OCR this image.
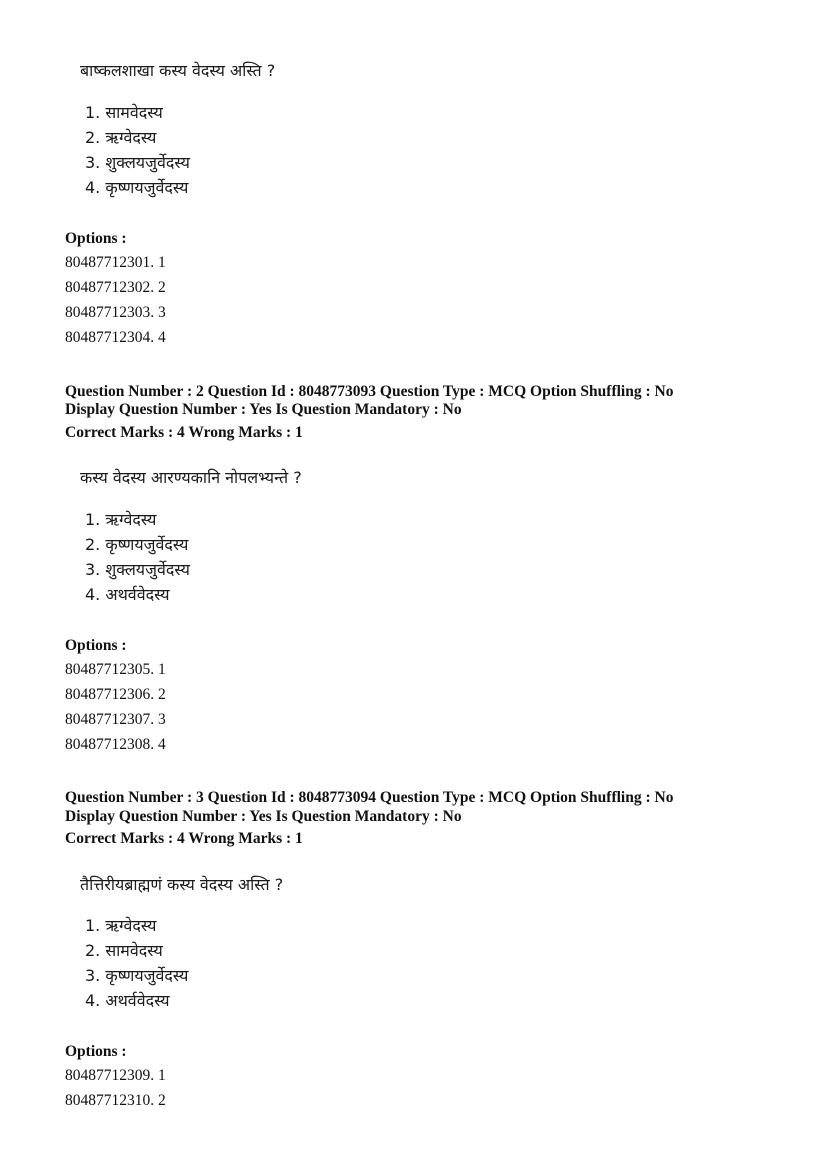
बाष्कलशाखा कस्य वेदस्य अस्ति ?
1. सामवेदस्य
2. ऋग्वेदस्य
3. शुक्लयजुर्वेदस्य
4. कृष्णयजुर्वेदस्य
Options :
80487712301. 1
80487712302. 2
80487712303. 3
80487712304. 4
Question Number : 2 Question Id : 8048773093 Question Type : MCQ Option Shuffling : No
Display Question Number : Yes Is Question Mandatory : No
Correct Marks : 4 Wrong Marks : 1
कस्य वेदस्य आरण्यकानि नोपलभ्यन्ते ?
1. ऋग्वेदस्य
2. कृष्णयजुर्वेदस्य
3. शुक्लयजुर्वेदस्य
4. अथर्ववेदस्य
Options :
80487712305. 1
80487712306. 2
80487712307. 3
80487712308. 4
Question Number : 3 Question Id : 8048773094 Question Type : MCQ Option Shuffling : No
Display Question Number : Yes Is Question Mandatory : No
Correct Marks : 4 Wrong Marks : 1
तैत्तिरीयब्राह्मणं कस्य वेदस्य अस्ति ?
1. ऋग्वेदस्य
2. सामवेदस्य
3. कृष्णयजुर्वेदस्य
4. अथर्ववेदस्य
Options :
80487712309. 1
80487712310. 2
